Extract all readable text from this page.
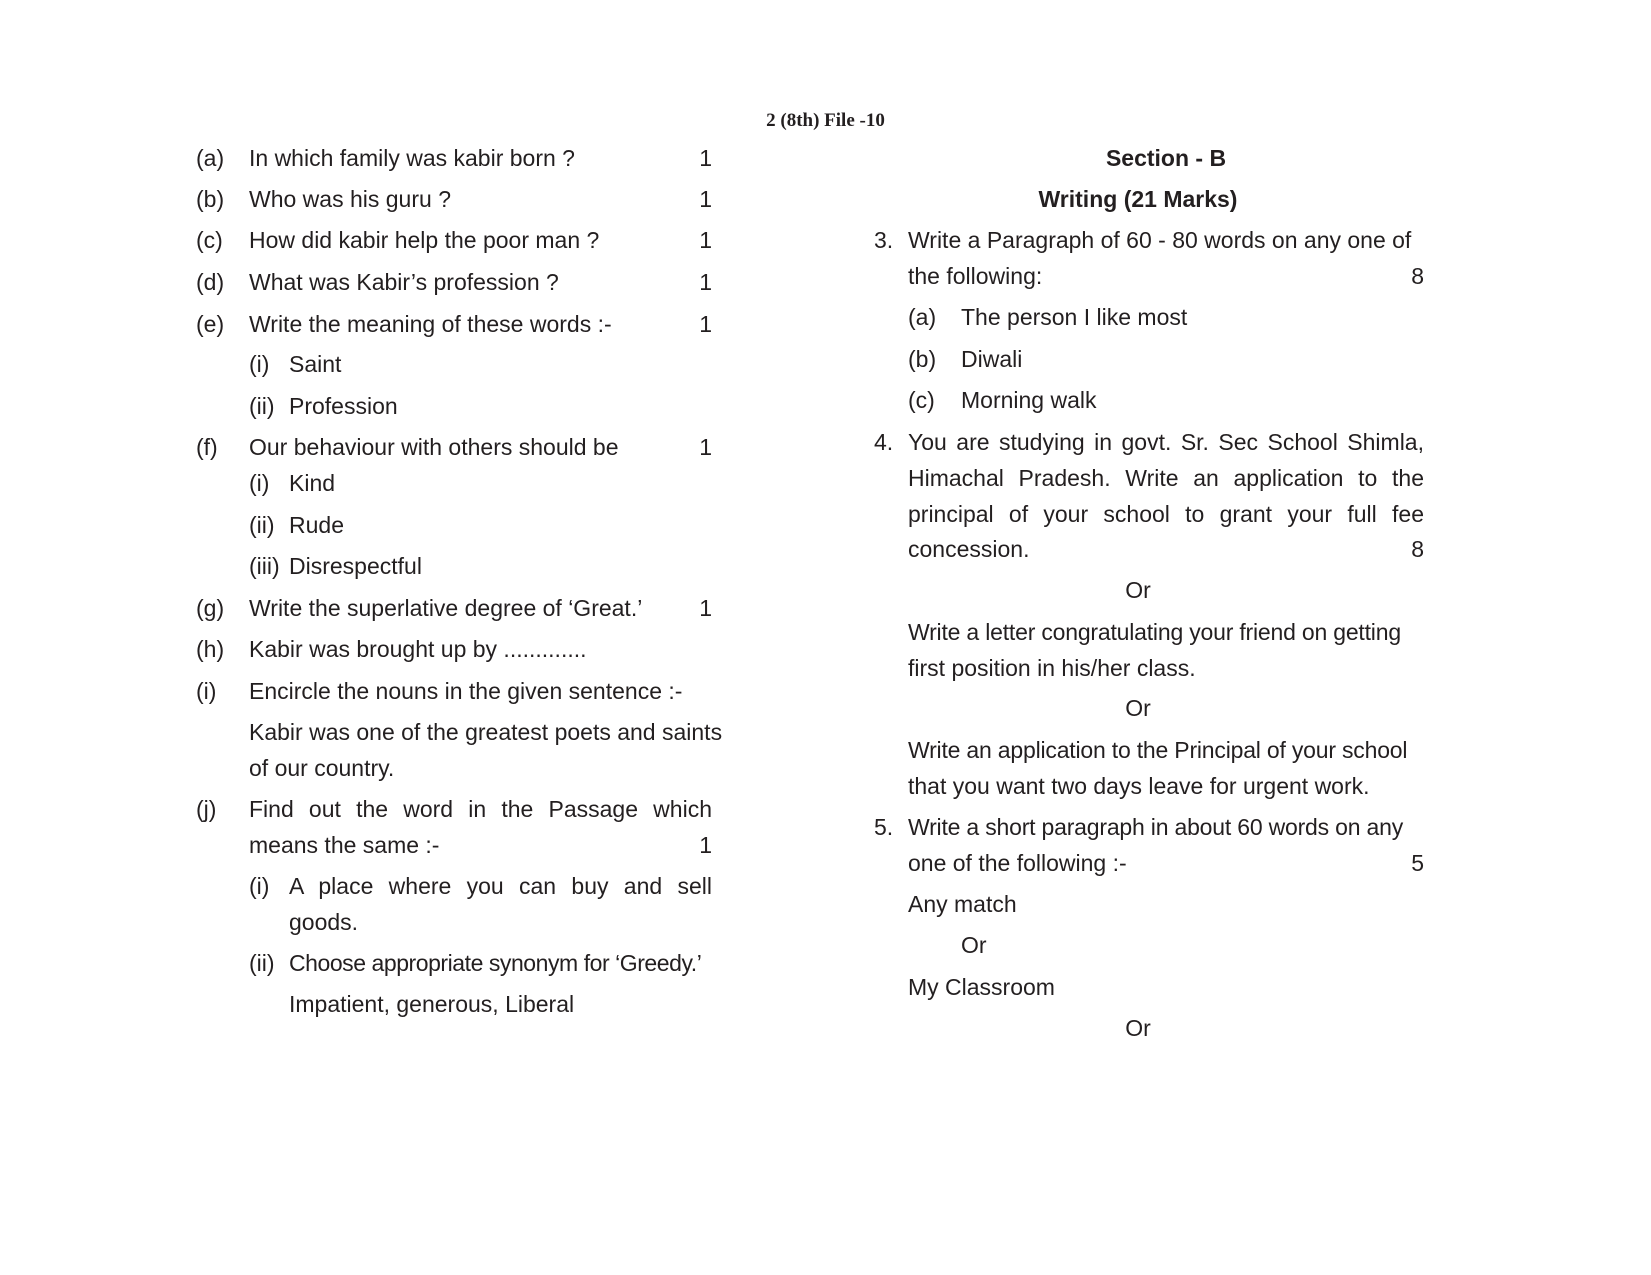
2 (8th) File -10
(a) In which family was kabir born ?	1
(b) Who was his guru ?	1
(c) How did kabir help the poor man ?	1
(d) What was Kabir’s profession ?	1
(e) Write the meaning of these words :-	1
(i) Saint
(ii) Profession
(f) Our behaviour with others should be	1
(i) Kind
(ii) Rude
(iii) Disrespectful
(g) Write the superlative degree of ‘Great.’ 1
(h) Kabir was brought up by .............
(i) Encircle the nouns in the given sentence :-
Kabir was one of the greatest poets and saints
of our country.
(j) Find out the word in the Passage which
means the same :-	1
(i) A place where you can buy and sell
goods.
(ii) Choose appropriate synonym for ‘Greedy.’
Impatient, generous, Liberal
Section - B
Writing (21 Marks)
3. Write a Paragraph of 60 - 80 words on any one of
the following:	8
(a) The person I like most
(b) Diwali
(c) Morning walk
4. You are studying in govt. Sr. Sec School Shimla,
Himachal Pradesh. Write an application to the
principal of your school to grant your full fee
concession.	8
Or
Write a letter congratulating your friend on getting
first position in his/her class.
Or
Write an application to the Principal of your school
that you want two days leave for urgent work.
5. Write a short paragraph in about 60 words on any
one of the following :-	5
Any match
Or
My Classroom
Or
